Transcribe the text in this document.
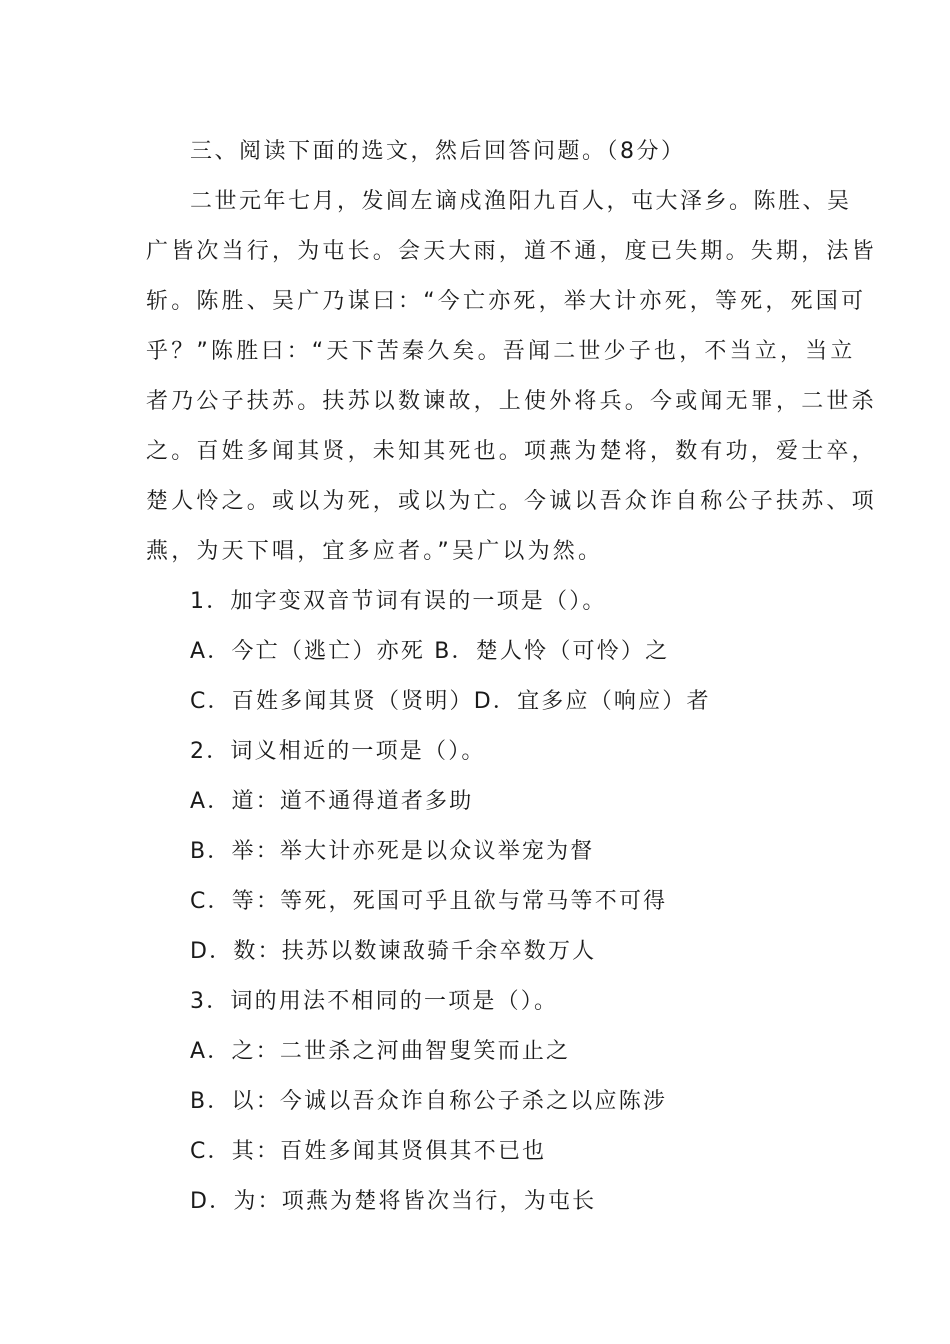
三、阅读下面的选文，然后回答问题。（8分）
二世元年七月，发闾左谪戍渔阳九百人，屯大泽乡。陈胜、吴
广皆次当行，为屯长。会天大雨，道不通，度已失期。失期，法皆
斩。陈胜、吴广乃谋曰：“今亡亦死，举大计亦死，等死，死国可
乎？”陈胜曰：“天下苦秦久矣。吾闻二世少子也，不当立，当立
者乃公子扶苏。扶苏以数谏故，上使外将兵。今或闻无罪，二世杀
之。百姓多闻其贤，未知其死也。项燕为楚将，数有功，爱士卒，
楚人怜之。或以为死，或以为亡。今诚以吾众诈自称公子扶苏、项
燕，为天下唱，宜多应者。”吴广以为然。
1．加字变双音节词有误的一项是（）。
A．今亡（逃亡）亦死 B．楚人怜（可怜）之
C．百姓多闻其贤（贤明）D．宜多应（响应）者
2．词义相近的一项是（）。
A．道：道不通得道者多助
B．举：举大计亦死是以众议举宠为督
C．等：等死，死国可乎且欲与常马等不可得
D．数：扶苏以数谏敌骑千余卒数万人
3．词的用法不相同的一项是（）。
A．之：二世杀之河曲智叟笑而止之
B．以：今诚以吾众诈自称公子杀之以应陈涉
C．其：百姓多闻其贤俱其不已也
D．为：项燕为楚将皆次当行，为屯长
